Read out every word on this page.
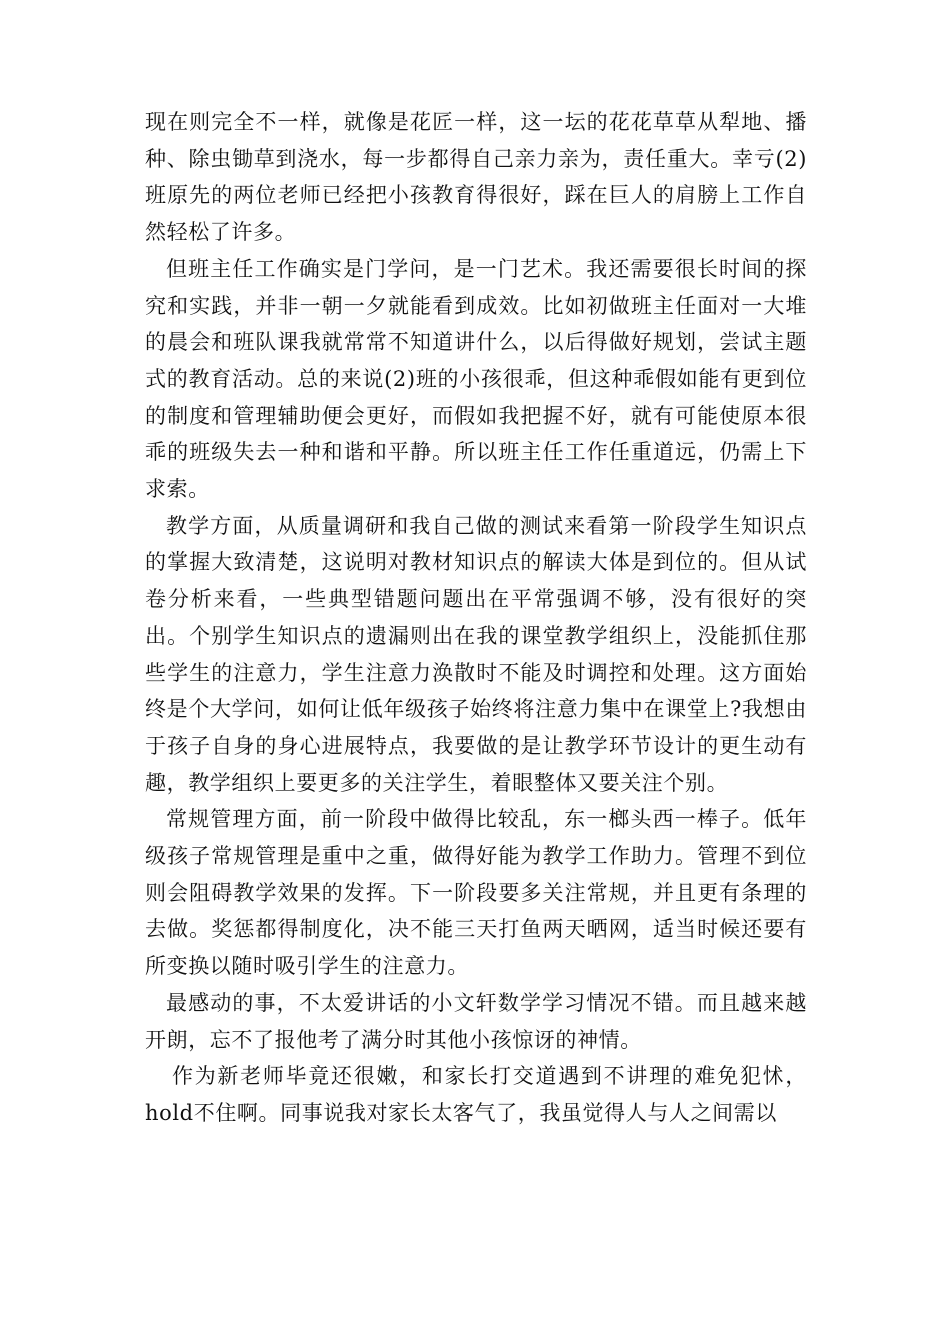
现在则完全不一样，就像是花匠一样，这一坛的花花草草从犁地、播种、除虫锄草到浇水，每一步都得自己亲力亲为，责任重大。幸亏(2)班原先的两位老师已经把小孩教育得很好，踩在巨人的肩膀上工作自然轻松了许多。

但班主任工作确实是门学问，是一门艺术。我还需要很长时间的探究和实践，并非一朝一夕就能看到成效。比如初做班主任面对一大堆的晨会和班队课我就常常不知道讲什么，以后得做好规划，尝试主题式的教育活动。总的来说(2)班的小孩很乖，但这种乖假如能有更到位的制度和管理辅助便会更好，而假如我把握不好，就有可能使原本很乖的班级失去一种和谐和平静。所以班主任工作任重道远，仍需上下求索。

教学方面，从质量调研和我自己做的测试来看第一阶段学生知识点的掌握大致清楚，这说明对教材知识点的解读大体是到位的。但从试卷分析来看，一些典型错题问题出在平常强调不够，没有很好的突出。个别学生知识点的遗漏则出在我的课堂教学组织上，没能抓住那些学生的注意力，学生注意力涣散时不能及时调控和处理。这方面始终是个大学问，如何让低年级孩子始终将注意力集中在课堂上?我想由于孩子自身的身心进展特点，我要做的是让教学环节设计的更生动有趣，教学组织上要更多的关注学生，着眼整体又要关注个别。

常规管理方面，前一阶段中做得比较乱，东一榔头西一棒子。低年级孩子常规管理是重中之重，做得好能为教学工作助力。管理不到位则会阻碍教学效果的发挥。下一阶段要多关注常规，并且更有条理的去做。奖惩都得制度化，决不能三天打鱼两天晒网，适当时候还要有所变换以随时吸引学生的注意力。

最感动的事，不太爱讲话的小文轩数学学习情况不错。而且越来越开朗，忘不了报他考了满分时其他小孩惊讶的神情。

作为新老师毕竟还很嫩，和家长打交道遇到不讲理的难免犯怵，hold不住啊。同事说我对家长太客气了，我虽觉得人与人之间需以
